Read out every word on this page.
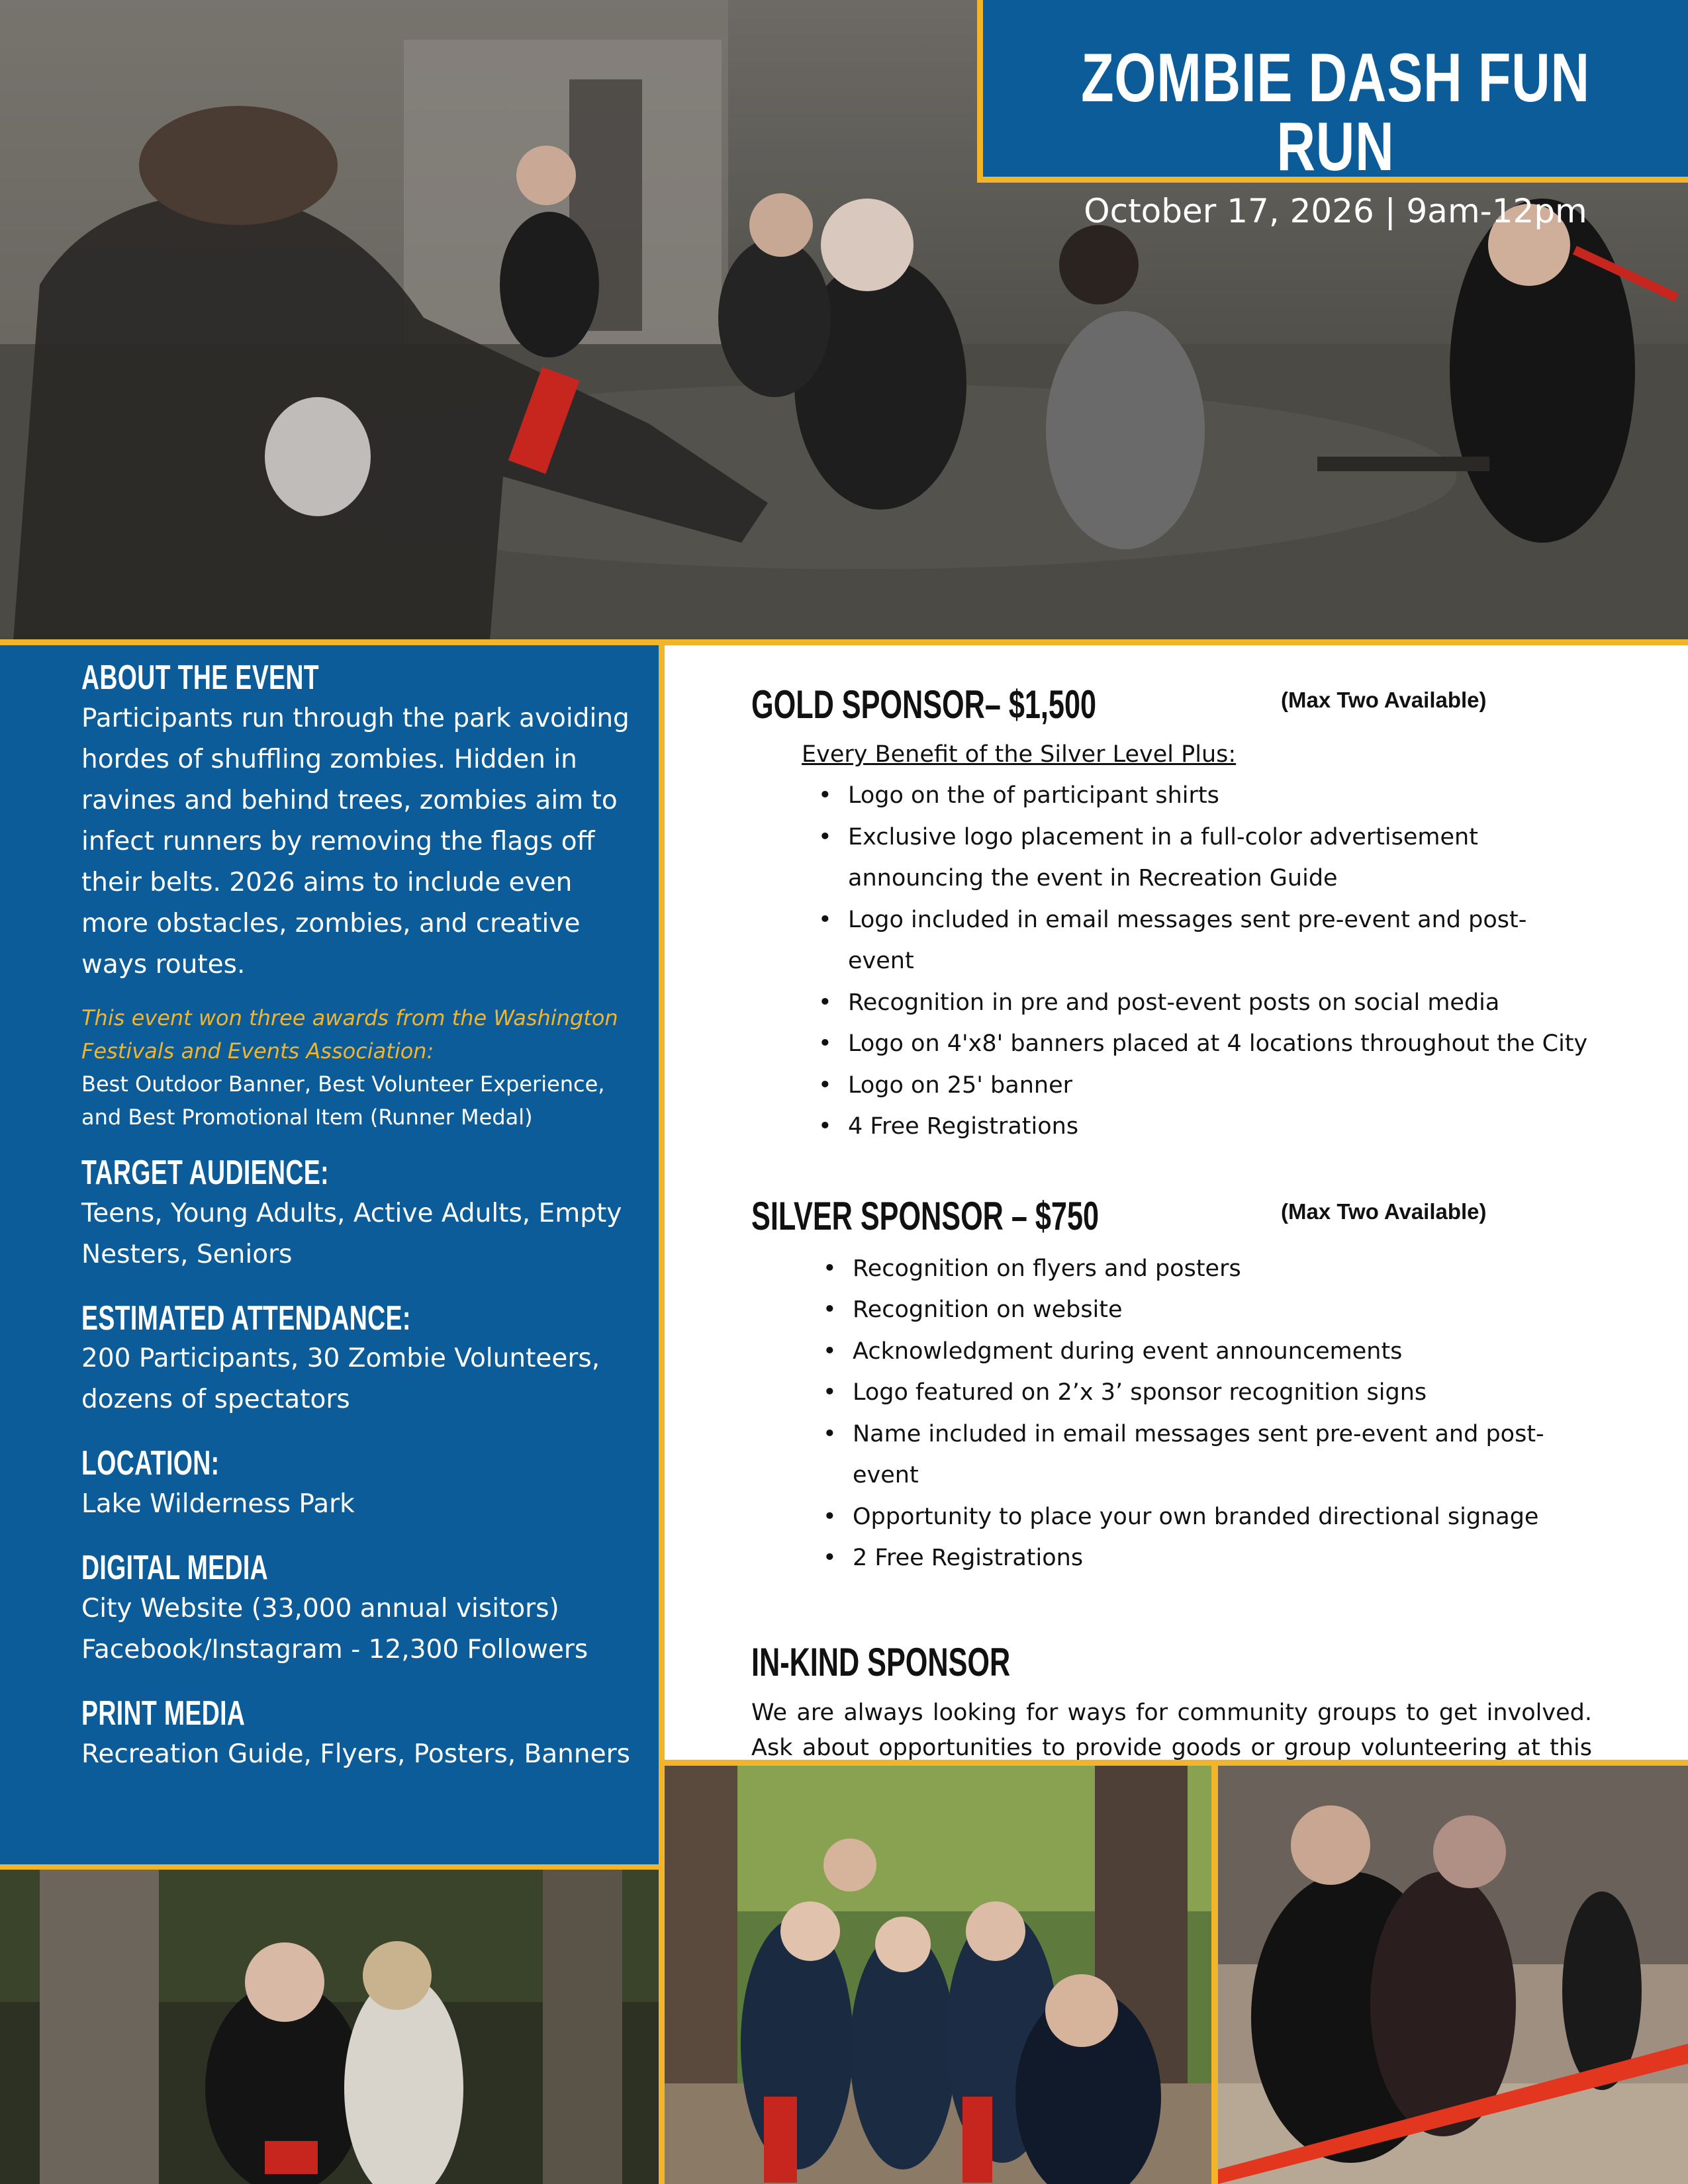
ZOMBIE DASH FUN RUN
October 17, 2026 | 9am-12pm
ABOUT THE EVENT
Participants run through the park avoiding hordes of shuffling zombies. Hidden in ravines and behind trees, zombies aim to infect runners by removing the flags off their belts. 2026 aims to include even more obstacles, zombies, and creative ways routes.
This event won three awards from the Washington Festivals and Events Association:
Best Outdoor Banner, Best Volunteer Experience, and Best Promotional Item (Runner Medal)
TARGET AUDIENCE:
Teens, Young Adults, Active Adults, Empty Nesters, Seniors
ESTIMATED ATTENDANCE:
200 Participants, 30 Zombie Volunteers, dozens of spectators
LOCATION:
Lake Wilderness Park
DIGITAL MEDIA
City Website (33,000 annual visitors)
Facebook/Instagram - 12,300 Followers
PRINT MEDIA
Recreation Guide, Flyers, Posters, Banners
GOLD SPONSOR– $1,500	(Max Two Available)
Every Benefit of the Silver Level Plus:
• Logo on the of participant shirts
• Exclusive logo placement in a full-color advertisement announcing the event in Recreation Guide
• Logo included in email messages sent pre-event and post-event
• Recognition in pre and post-event posts on social media
• Logo on 4'x8' banners placed at 4 locations throughout the City
• Logo on 25' banner
• 4 Free Registrations
SILVER SPONSOR – $750	(Max Two Available)
• Recognition on flyers and posters
• Recognition on website
• Acknowledgment during event announcements
• Logo featured on 2’x 3’ sponsor recognition signs
• Name included in email messages sent pre-event and post-event
• Opportunity to place your own branded directional signage
• 2 Free Registrations
IN-KIND SPONSOR
We are always looking for ways for community groups to get involved. Ask about opportunities to provide goods or group volunteering at this
